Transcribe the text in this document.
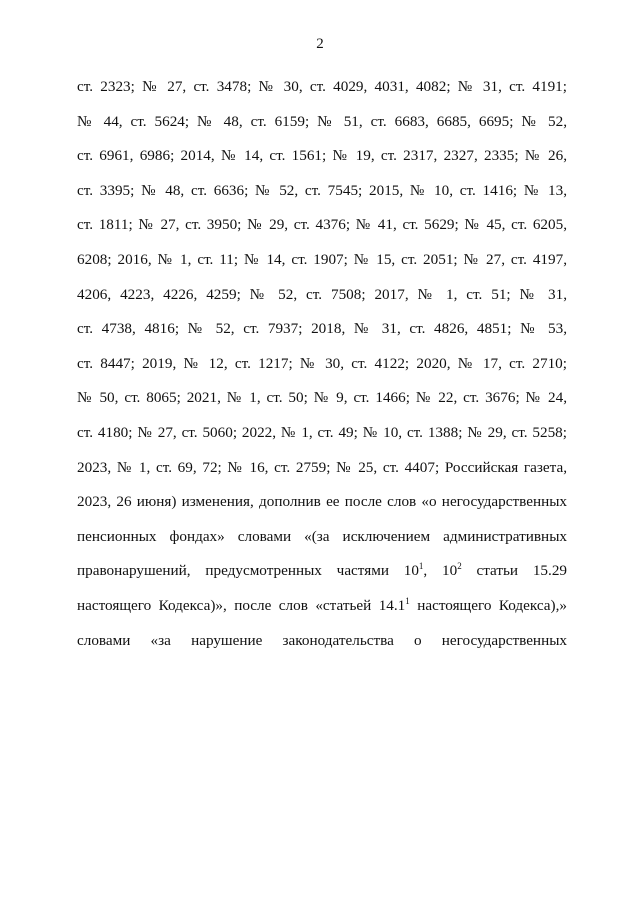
2
ст. 2323; № 27, ст. 3478; № 30, ст. 4029, 4031, 4082; № 31, ст. 4191;
№ 44, ст. 5624; № 48, ст. 6159; № 51, ст. 6683, 6685, 6695; № 52,
ст. 6961, 6986; 2014, № 14, ст. 1561; № 19, ст. 2317, 2327, 2335; № 26,
ст. 3395; № 48, ст. 6636; № 52, ст. 7545; 2015, № 10, ст. 1416; № 13,
ст. 1811; № 27, ст. 3950; № 29, ст. 4376; № 41, ст. 5629; № 45, ст. 6205,
6208; 2016, № 1, ст. 11; № 14, ст. 1907; № 15, ст. 2051; № 27, ст. 4197,
4206, 4223, 4226, 4259; № 52, ст. 7508; 2017, № 1, ст. 51; № 31,
ст. 4738, 4816; № 52, ст. 7937; 2018, № 31, ст. 4826, 4851; № 53,
ст. 8447; 2019, № 12, ст. 1217; № 30, ст. 4122; 2020, № 17, ст. 2710;
№ 50, ст. 8065; 2021, № 1, ст. 50; № 9, ст. 1466; № 22, ст. 3676; № 24,
ст. 4180; № 27, ст. 5060; 2022, № 1, ст. 49; № 10, ст. 1388; № 29, ст. 5258;
2023, № 1, ст. 69, 72; № 16, ст. 2759; № 25, ст. 4407; Российская газета,
2023, 26 июня) изменения, дополнив ее после слов «о негосударственных
пенсионных фондах» словами «(за исключением административных
правонарушений, предусмотренных частями $10^1$, $10^2$ статьи 15.29
настоящего Кодекса)», после слов «статьей 14.1$^1$ настоящего Кодекса),»
словами «за нарушение законодательства о негосударственных
